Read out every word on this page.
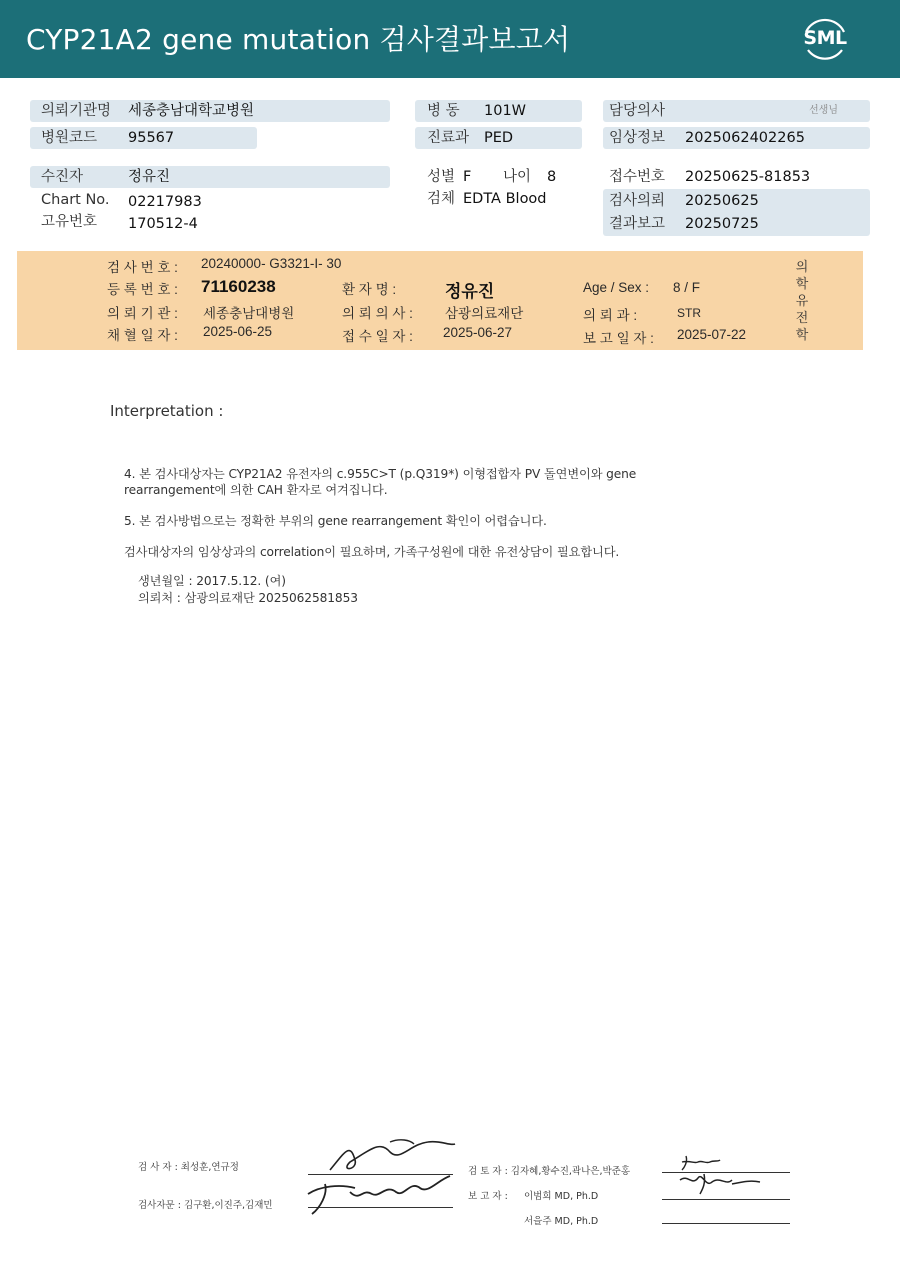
CYP21A2 gene mutation 검사결과보고서	SML
의뢰기관명 세종충남대학교병원
병원코드 95567
수진자	정유진
Chart No. 02217983
고유번호 170512-4
병 동 101W
진료과 PED
성별 F 나이 8
검체 EDTA Blood
담당의사	선생님
임상정보 2025062402265
접수번호 20250625-81853
검사의뢰 20250625
결과보고 20250725
검 사 번 호 : 20240000- G3321-I- 30
등 록 번 호 : 71160238	환 자 명 :	정유진	Age / Sex : 8 / F
의 뢰 기 관 : 세종충남대병원	의 뢰 의 사 : 삼광의료재단	의 뢰 과 :	STR
채 혈 일 자 : 2025-06-25	접 수 일 자 : 2025-06-27	보 고 일 자 : 2025-07-22
의학유전학
Interpretation :
4. 본 검사대상자는 CYP21A2 유전자의 c.955C>T (p.Q319*) 이형접합자 PV 돌연변이와 gene
rearrangement에 의한 CAH 환자로 여겨집니다.
5. 본 검사방법으로는 정확한 부위의 gene rearrangement 확인이 어렵습니다.
검사대상자의 임상상과의 correlation이 필요하며, 가족구성원에 대한 유전상담이 필요합니다.
생년월일 : 2017.5.12. (여)
의뢰처 : 삼광의료재단 2025062581853
검 사 자 : 최성훈,연규정
검사자문 : 김구환,이진주,김재민
검 토 자 : 김자혜,황수진,곽나은,박준홍
보 고 자 : 이범희 MD, Ph.D
서을주 MD, Ph.D
